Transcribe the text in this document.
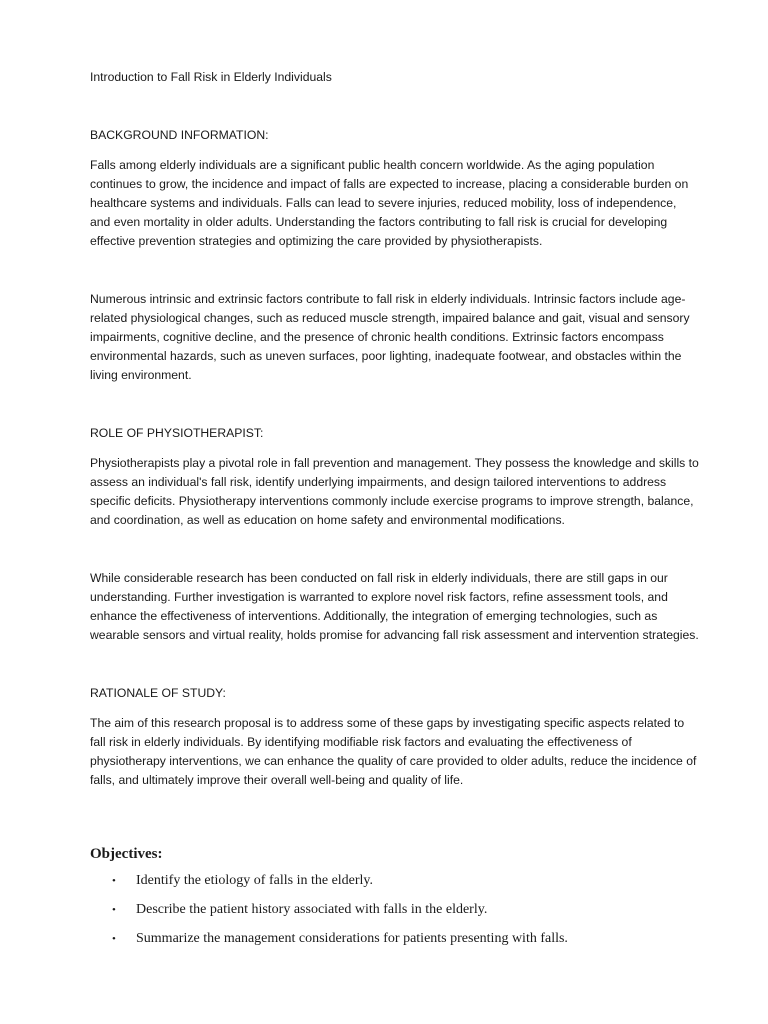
Introduction to Fall Risk in Elderly Individuals

BACKGROUND INFORMATION:

Falls among elderly individuals are a significant public health concern worldwide. As the aging population continues to grow, the incidence and impact of falls are expected to increase, placing a considerable burden on healthcare systems and individuals. Falls can lead to severe injuries, reduced mobility, loss of independence, and even mortality in older adults. Understanding the factors contributing to fall risk is crucial for developing effective prevention strategies and optimizing the care provided by physiotherapists.

Numerous intrinsic and extrinsic factors contribute to fall risk in elderly individuals. Intrinsic factors include age-related physiological changes, such as reduced muscle strength, impaired balance and gait, visual and sensory impairments, cognitive decline, and the presence of chronic health conditions. Extrinsic factors encompass environmental hazards, such as uneven surfaces, poor lighting, inadequate footwear, and obstacles within the living environment.

ROLE OF PHYSIOTHERAPIST:

Physiotherapists play a pivotal role in fall prevention and management. They possess the knowledge and skills to assess an individual's fall risk, identify underlying impairments, and design tailored interventions to address specific deficits. Physiotherapy interventions commonly include exercise programs to improve strength, balance, and coordination, as well as education on home safety and environmental modifications.

While considerable research has been conducted on fall risk in elderly individuals, there are still gaps in our understanding. Further investigation is warranted to explore novel risk factors, refine assessment tools, and enhance the effectiveness of interventions. Additionally, the integration of emerging technologies, such as wearable sensors and virtual reality, holds promise for advancing fall risk assessment and intervention strategies.

RATIONALE OF STUDY:

The aim of this research proposal is to address some of these gaps by investigating specific aspects related to fall risk in elderly individuals. By identifying modifiable risk factors and evaluating the effectiveness of physiotherapy interventions, we can enhance the quality of care provided to older adults, reduce the incidence of falls, and ultimately improve their overall well-being and quality of life.

Objectives:

• Identify the etiology of falls in the elderly.
• Describe the patient history associated with falls in the elderly.
• Summarize the management considerations for patients presenting with falls.
